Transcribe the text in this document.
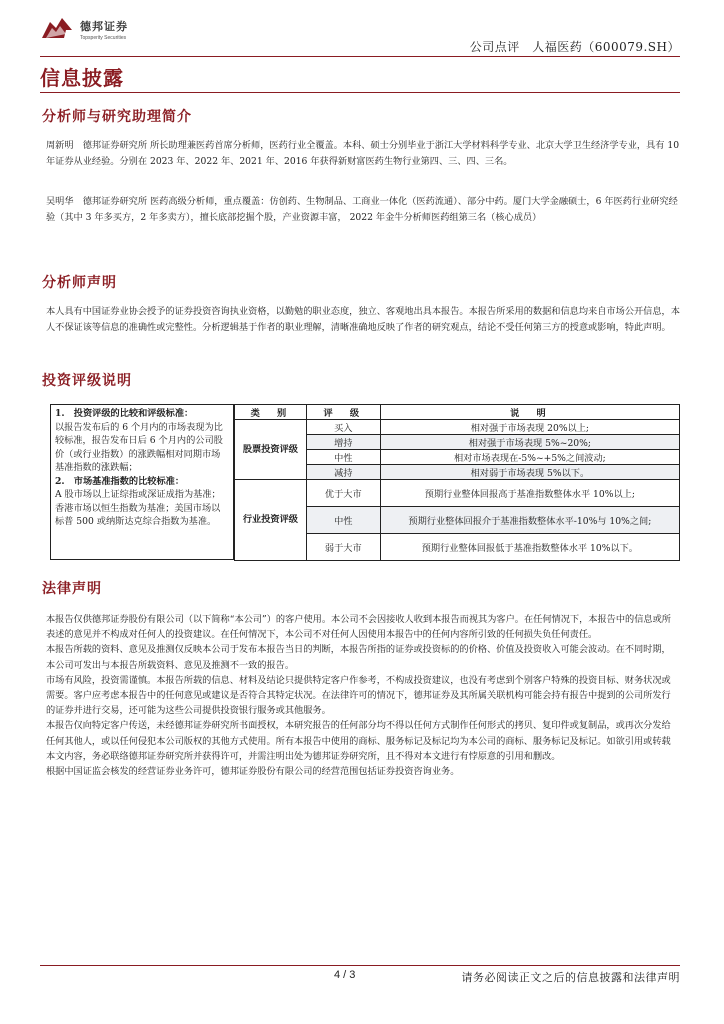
德邦证券
Topsperity Securities
公司点评　人福医药（600079.SH）
信息披露
分析师与研究助理简介
周新明　德邦证券研究所 所长助理兼医药首席分析师，医药行业全覆盖。本科、硕士分别毕业于浙江大学材料科学专业、北京大学卫生经济学专业，具有 10 年证券从业经验。分别在 2023 年、2022 年、2021 年、2016 年获得新财富医药生物行业第四、三、四、三名。
吴明华　德邦证券研究所 医药高级分析师，重点覆盖：仿创药、生物制品、工商业一体化（医药流通）、部分中药。厦门大学金融硕士，6 年医药行业研究经验（其中 3 年多买方，2 年多卖方），擅长底部挖掘个股，产业资源丰富， 2022 年金牛分析师医药组第三名（核心成员）
分析师声明
本人具有中国证券业协会授予的证券投资咨询执业资格，以勤勉的职业态度，独立、客观地出具本报告。本报告所采用的数据和信息均来自市场公开信息，本人不保证该等信息的准确性或完整性。分析逻辑基于作者的职业理解，清晰准确地反映了作者的研究观点，结论不受任何第三方的授意或影响，特此声明。
投资评级说明
1.　投资评级的比较和评级标准：
以报告发布后的 6 个月内的市场表现为比较标准，报告发布日后 6 个月内的公司股价（或行业指数）的涨跌幅相对同期市场基准指数的涨跌幅；
2.　市场基准指数的比较标准：
A 股市场以上证综指或深证成指为基准；香港市场以恒生指数为基准；美国市场以标普 500 或纳斯达克综合指数为基准。
类　别	评　级	说　明
股票投资评级	买入	相对强于市场表现 20%以上;
	增持	相对强于市场表现 5%~20%;
	中性	相对市场表现在-5%~+5%之间波动;
	减持	相对弱于市场表现 5%以下。
行业投资评级	优于大市	预期行业整体回报高于基准指数整体水平 10%以上;
	中性	预期行业整体回报介于基准指数整体水平-10%与 10%之间;
	弱于大市	预期行业整体回报低于基准指数整体水平 10%以下。
法律声明
本报告仅供德邦证券股份有限公司（以下简称“本公司”）的客户使用。本公司不会因接收人收到本报告而视其为客户。在任何情况下，本报告中的信息或所表述的意见并不构成对任何人的投资建议。在任何情况下，本公司不对任何人因使用本报告中的任何内容所引致的任何损失负任何责任。
本报告所载的资料、意见及推测仅反映本公司于发布本报告当日的判断，本报告所指的证券或投资标的的价格、价值及投资收入可能会波动。在不同时期，本公司可发出与本报告所载资料、意见及推测不一致的报告。
市场有风险，投资需谨慎。本报告所载的信息、材料及结论只提供特定客户作参考，不构成投资建议，也没有考虑到个别客户特殊的投资目标、财务状况或需要。客户应考虑本报告中的任何意见或建议是否符合其特定状况。在法律许可的情况下，德邦证券及其所属关联机构可能会持有报告中提到的公司所发行的证券并进行交易，还可能为这些公司提供投资银行服务或其他服务。
本报告仅向特定客户传送，未经德邦证券研究所书面授权，本研究报告的任何部分均不得以任何方式制作任何形式的拷贝、复印件或复制品，或再次分发给任何其他人，或以任何侵犯本公司版权的其他方式使用。所有本报告中使用的商标、服务标记及标记均为本公司的商标、服务标记及标记。如欲引用或转载本文内容，务必联络德邦证券研究所并获得许可，并需注明出处为德邦证券研究所，且不得对本文进行有悖原意的引用和删改。
根据中国证监会核发的经营证券业务许可，德邦证券股份有限公司的经营范围包括证券投资咨询业务。
4 / 3	请务必阅读正文之后的信息披露和法律声明
